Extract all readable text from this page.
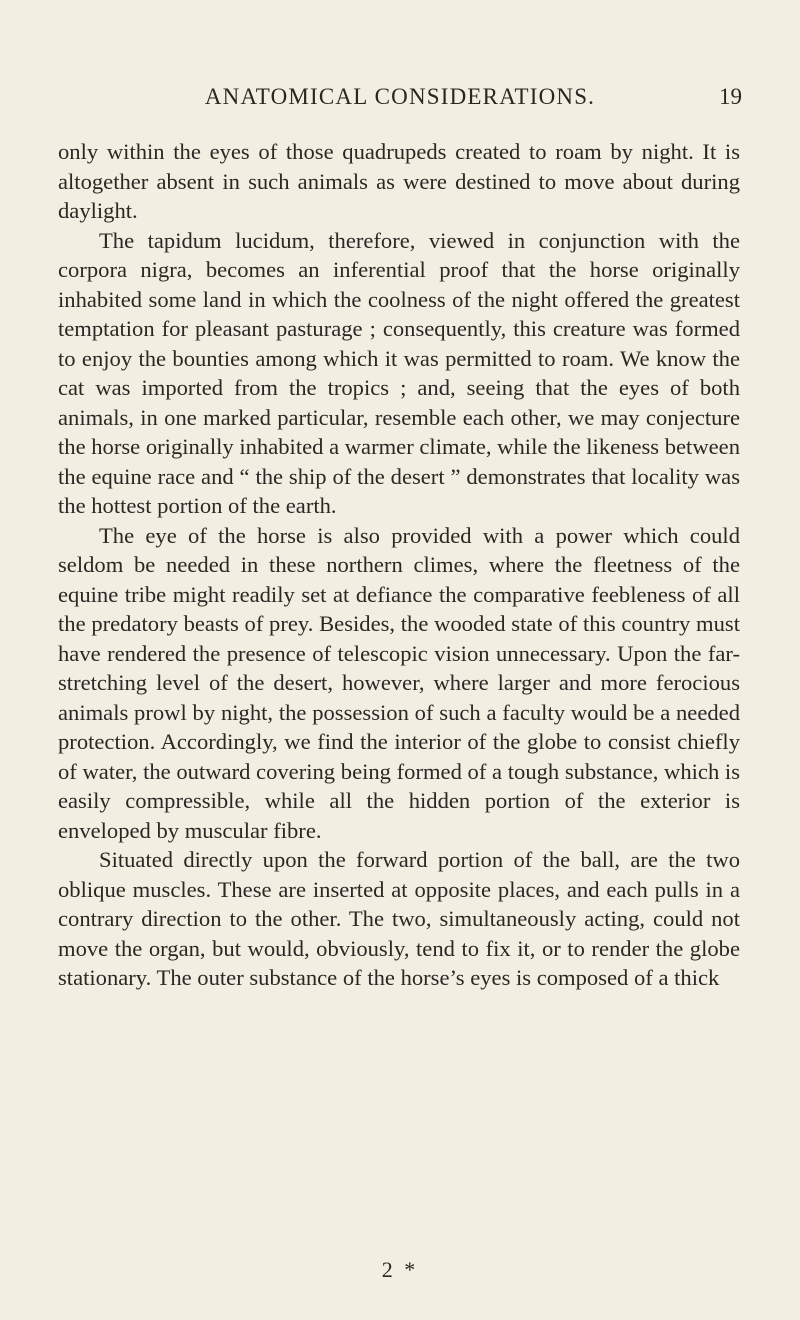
ANATOMICAL CONSIDERATIONS.	19

only within the eyes of those quadrupeds created to roam by night. It is altogether absent in such animals as were destined to move about during daylight.

The tapidum lucidum, therefore, viewed in conjunction with the corpora nigra, becomes an inferential proof that the horse originally inhabited some land in which the coolness of the night offered the greatest temptation for pleasant pasturage ; consequently, this creature was formed to enjoy the bounties among which it was permitted to roam. We know the cat was imported from the tropics ; and, seeing that the eyes of both animals, in one marked particular, resemble each other, we may conjecture the horse originally inhabited a warmer climate, while the likeness between the equine race and “ the ship of the desert ” demonstrates that locality was the hottest portion of the earth.

The eye of the horse is also provided with a power which could seldom be needed in these northern climes, where the fleetness of the equine tribe might readily set at defiance the comparative feebleness of all the predatory beasts of prey. Besides, the wooded state of this country must have rendered the presence of telescopic vision unnecessary. Upon the far-stretching level of the desert, however, where larger and more ferocious animals prowl by night, the possession of such a faculty would be a needed protection. Accordingly, we find the interior of the globe to consist chiefly of water, the outward covering being formed of a tough substance, which is easily compressible, while all the hidden portion of the exterior is enveloped by muscular fibre.

Situated directly upon the forward portion of the ball, are the two oblique muscles. These are inserted at opposite places, and each pulls in a contrary direction to the other. The two, simultaneously acting, could not move the organ, but would, obviously, tend to fix it, or to render the globe stationary. The outer substance of the horse’s eyes is composed of a thick

2 *
